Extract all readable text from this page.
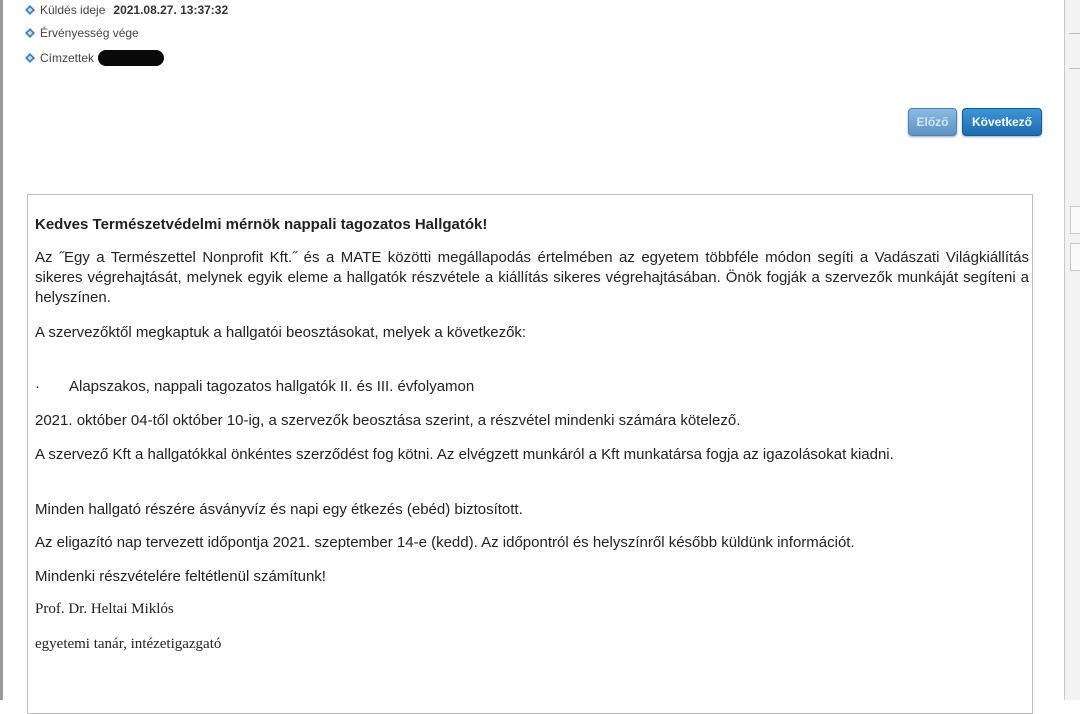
Küldés ideje 2021.08.27. 13:37:32
Érvényesség vége
Címzettek
Előző	Következő
Kedves Természetvédelmi mérnök nappali tagozatos Hallgatók!
Az ˝Egy a Természettel Nonprofit Kft.˝ és a MATE közötti megállapodás értelmében az egyetem többféle módon segíti a Vadászati Világkiállítás sikeres végrehajtását, melynek egyik eleme a hallgatók részvétele a kiállítás sikeres végrehajtásában. Önök fogják a szervezők munkáját segíteni a helyszínen.
A szervezőktől megkaptuk a hallgatói beosztásokat, melyek a következők:
·	Alapszakos, nappali tagozatos hallgatók II. és III. évfolyamon
2021. október 04-től október 10-ig, a szervezők beosztása szerint, a részvétel mindenki számára kötelező.
A szervező Kft a hallgatókkal önkéntes szerződést fog kötni. Az elvégzett munkáról a Kft munkatársa fogja az igazolásokat kiadni.
Minden hallgató részére ásványvíz és napi egy étkezés (ebéd) biztosított.
Az eligazító nap tervezett időpontja 2021. szeptember 14-e (kedd). Az időpontról és helyszínről később küldünk információt.
Mindenki részvételére feltétlenül számítunk!
Prof. Dr. Heltai Miklós
egyetemi tanár, intézetigazgató
